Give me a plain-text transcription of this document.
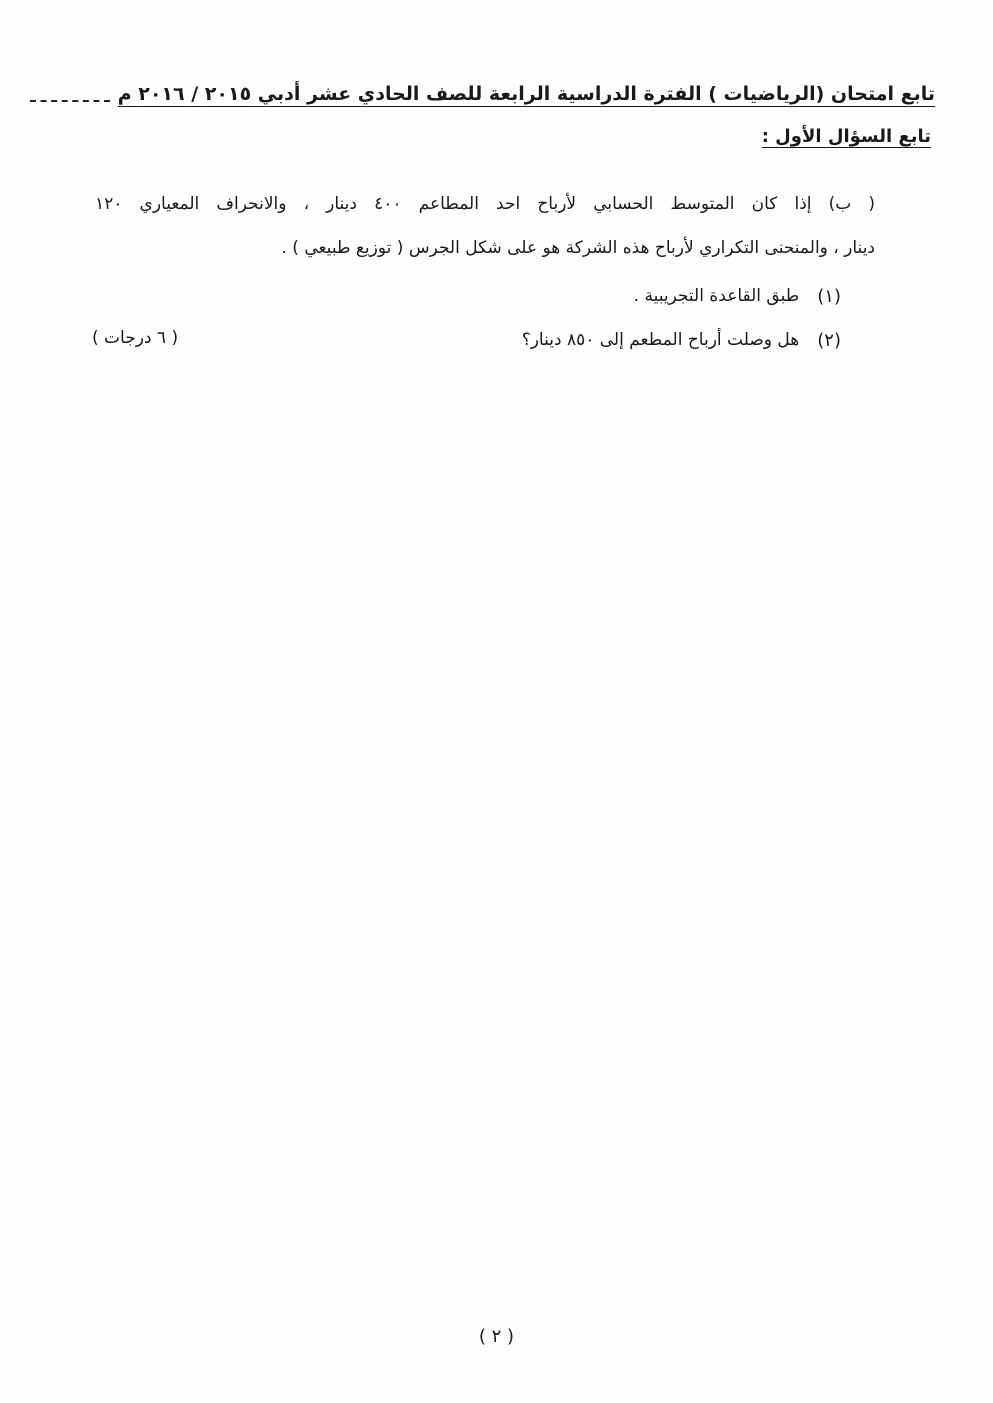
تابع امتحان (الرياضيات ) الفترة الدراسية الرابعة للصف الحادي عشر أدبي ٢٠١٥ / ٢٠١٦ م
تابع السؤال الأول :
( ب) إذا كان المتوسط الحسابي لأرباح احد المطاعم ٤٠٠ دينار ، والانحراف المعياري ١٢٠
دينار ، والمنحنى التكراري لأرباح هذه الشركة هو على شكل الجرس ( توزيع طبيعي ) .
(١)
طبق القاعدة التجريبية .
(٢)
هل وصلت أرباح المطعم إلى ٨٥٠ دينار؟
( ٦ درجات )
( ٢ )
